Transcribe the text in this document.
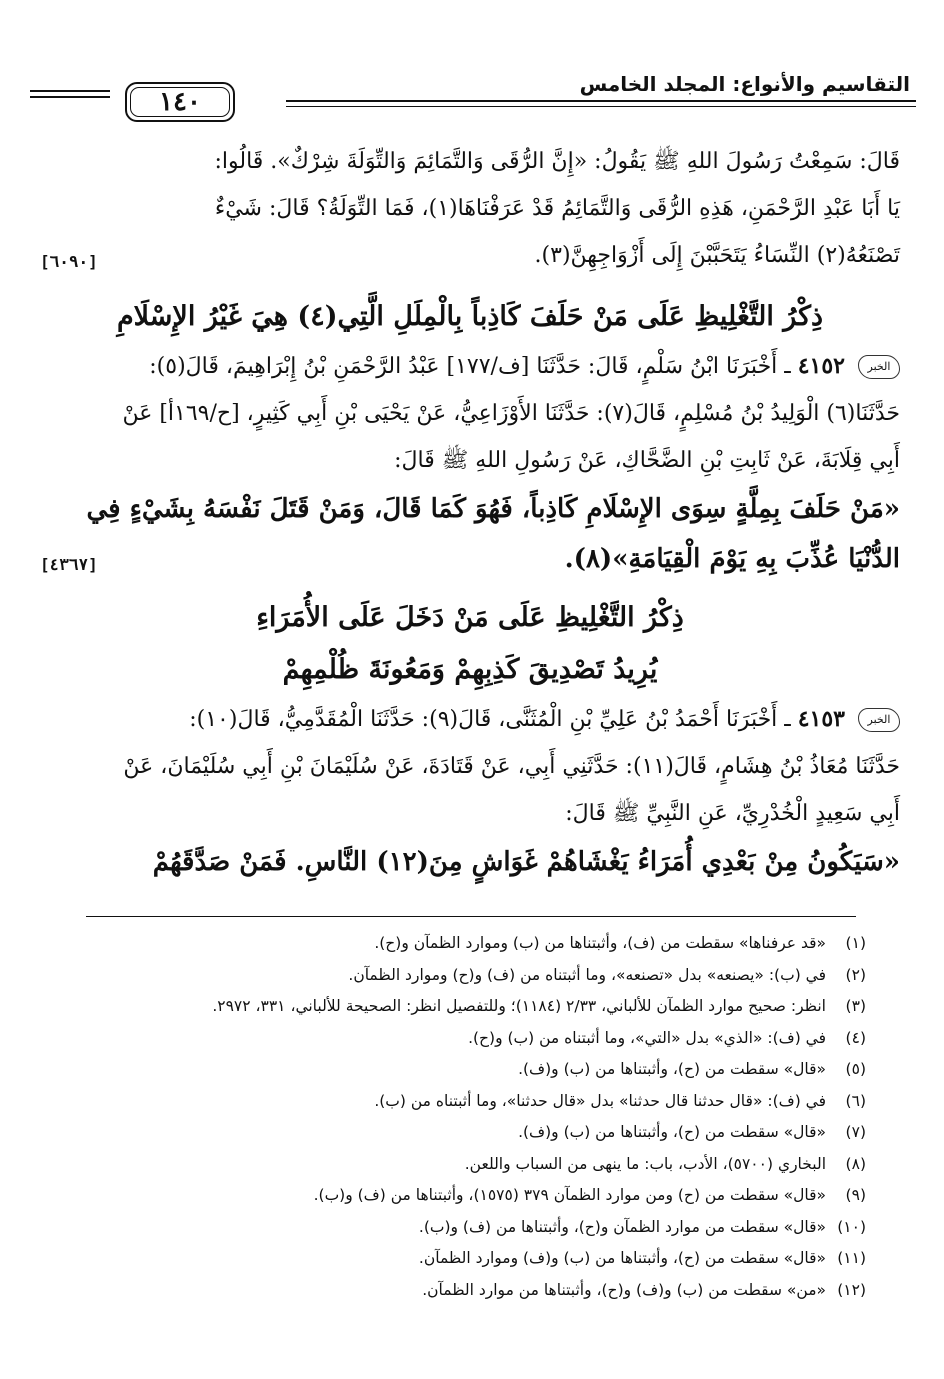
التقاسيم والأنواع: المجلد الخامس
١٤٠

قَالَ: سَمِعْتُ رَسُولَ اللهِ ﷺ يَقُولُ: «إِنَّ الرُّقَى وَالتَّمَائِمَ وَالتِّوَلَةَ شِرْكٌ». قَالُوا:

يَا أَبَا عَبْدِ الرَّحْمَنِ، هَذِهِ الرُّقَى وَالتَّمَائِمُ قَدْ عَرَفْنَاهَا(١)، فَمَا التِّوَلَةُ؟ قَالَ: شَيْءٌ

تَصْنَعُهُ(٢) النِّسَاءُ يَتَحَبَّبْنَ إِلَى أَزْوَاجِهِنَّ(٣).
[٦٠٩٠]

ذِكْرُ التَّغْلِيظِ عَلَى مَنْ حَلَفَ كَاذِباً بِالْمِلَلِ الَّتِي(٤) هِيَ غَيْرُ الإِسْلَامِ

الخبر ٤١٥٢ ـ أَخْبَرَنَا ابْنُ سَلْمٍ، قَالَ: حَدَّثَنَا [ف/١٧٧] عَبْدُ الرَّحْمَنِ بْنُ إِبْرَاهِيمَ، قَالَ(٥):

حَدَّثَنَا(٦) الْوَلِيدُ بْنُ مُسْلِمٍ، قَالَ(٧): حَدَّثَنَا الأَوْزَاعِيُّ، عَنْ يَحْيَى بْنِ أَبِي كَثِيرٍ، [ح/١٦٩أ] عَنْ

أَبِي قِلَابَةَ، عَنْ ثَابِتِ بْنِ الضَّحَّاكِ، عَنْ رَسُولِ اللهِ ﷺ قَالَ:

«مَنْ حَلَفَ بِمِلَّةٍ سِوَى الإِسْلَامِ كَاذِباً، فَهُوَ كَمَا قَالَ، وَمَنْ قَتَلَ نَفْسَهُ بِشَيْءٍ فِي

الدُّنْيَا عُذِّبَ بِهِ يَوْمَ الْقِيَامَةِ»(٨).
[٤٣٦٧]

ذِكْرُ التَّغْلِيظِ عَلَى مَنْ دَخَلَ عَلَى الأُمَرَاءِ
يُرِيدُ تَصْدِيقَ كَذِبِهِمْ وَمَعُونَةَ ظُلْمِهِمْ

الخبر ٤١٥٣ ـ أَخْبَرَنَا أَحْمَدُ بْنُ عَلِيِّ بْنِ الْمُثَنَّى، قَالَ(٩): حَدَّثَنَا الْمُقَدَّمِيُّ، قَالَ(١٠):

حَدَّثَنَا مُعَاذُ بْنُ هِشَامٍ، قَالَ(١١): حَدَّثَنِي أَبِي، عَنْ قَتَادَةَ، عَنْ سُلَيْمَانَ بْنِ أَبِي سُلَيْمَانَ، عَنْ

أَبِي سَعِيدٍ الْخُدْرِيِّ، عَنِ النَّبِيِّ ﷺ قَالَ:

«سَيَكُونُ مِنْ بَعْدِي أُمَرَاءُ يَغْشَاهُمْ غَوَاشٍ مِنَ(١٢) النَّاسِ. فَمَنْ صَدَّقَهُمْ

(١)«قد عرفناها» سقطت من (ف)، وأثبتناها من (ب) وموارد الظمآن و(ح).
(٢)في (ب): «يصنعه» بدل «تصنعه»، وما أثبتناه من (ف) و(ح) وموارد الظمآن.
(٣)انظر: صحيح موارد الظمآن للألباني، ٢/٣٣ (١١٨٤)؛ وللتفصيل انظر: الصحيحة للألباني، ٣٣١، ٢٩٧٢.
(٤)في (ف): «الذي» بدل «التي»، وما أثبتناه من (ب) و(ح).
(٥)«قال» سقطت من (ح)، وأثبتناها من (ب) و(ف).
(٦)في (ف): «قال حدثنا قال حدثنا» بدل «قال حدثنا»، وما أثبتناه من (ب).
(٧)«قال» سقطت من (ح)، وأثبتناها من (ب) و(ف).
(٨)البخاري (٥٧٠٠)، الأدب، باب: ما ينهى من السباب واللعن.
(٩)«قال» سقطت من (ح) ومن موارد الظمآن ٣٧٩ (١٥٧٥)، وأثبتناها من (ف) و(ب).
(١٠)«قال» سقطت من موارد الظمآن و(ح)، وأثبتناها من (ف) و(ب).
(١١)«قال» سقطت من (ح)، وأثبتناها من (ب) و(ف) وموارد الظمآن.
(١٢)«من» سقطت من (ب) و(ف) و(ح)، وأثبتناها من موارد الظمآن.
